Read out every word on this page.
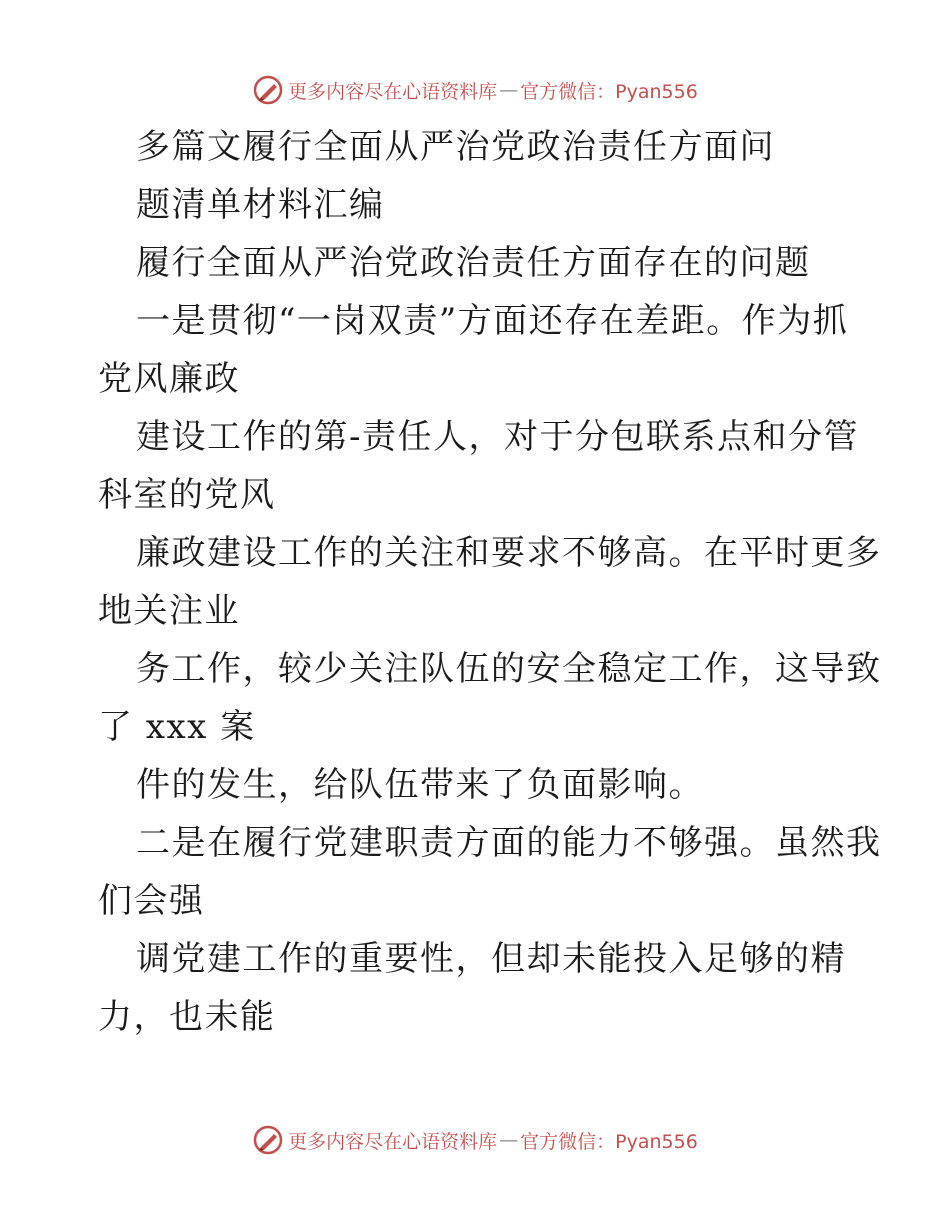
更多内容尽在心语资料库 — 官方微信：Pyan556
多篇文履行全面从严治党政治责任方面问
题清单材料汇编
履行全面从严治党政治责任方面存在的问题
一是贯彻“一岗双责”方面还存在差距。作为抓
党风廉政
建设工作的第-责任人，对于分包联系点和分管
科室的党风
廉政建设工作的关注和要求不够高。在平时更多
地关注业
务工作，较少关注队伍的安全稳定工作，这导致
了 xxx 案
件的发生，给队伍带来了负面影响。
二是在履行党建职责方面的能力不够强。虽然我
们会强
调党建工作的重要性，但却未能投入足够的精
力，也未能
更多内容尽在心语资料库 — 官方微信：Pyan556
